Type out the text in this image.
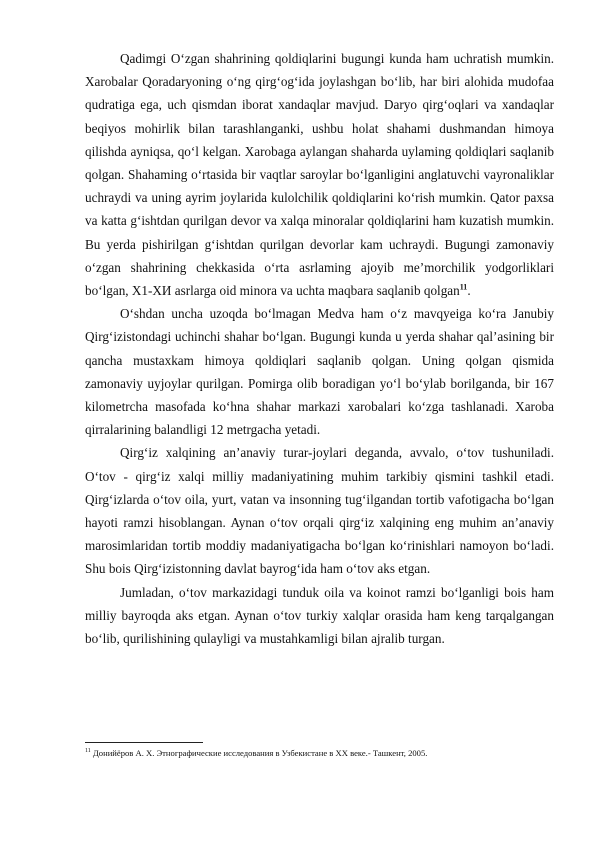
Qadimgi O‘zgan shahrining qoldiqlarini bugungi kunda ham uchratish mumkin. Xarobalar Qoradaryoning o‘ng qirg‘og‘ida joylashgan bo‘lib, har biri alohida mudofaa qudratiga ega, uch qismdan iborat xandaqlar mavjud. Daryo qirg‘oqlari va xandaqlar beqiyos mohirlik bilan tarashlanganki, ushbu holat shahami dushmandan himoya qilishda ayniqsa, qo‘l kelgan. Xarobaga aylangan shaharda uylaming qoldiqlari saqlanib qolgan. Shahaming o‘rtasida bir vaqtlar saroylar bo‘lganligini anglatuvchi vayronaliklar uchraydi va uning ayrim joylarida kulolchilik qoldiqlarini ko‘rish mumkin. Qator paxsa va katta g‘ishtdan qurilgan devor va xalqa minoralar qoldiqlarini ham kuzatish mumkin. Bu yerda pishirilgan g‘ishtdan qurilgan devorlar kam uchraydi. Bugungi zamonaviy o‘zgan shahrining chekkasida o‘rta asrlaming ajoyib me’morchilik yodgorliklari bo‘lgan, X1-XИ asrlarga oid minora va uchta maqbara saqlanib qolgan$^{11}$.

O‘shdan uncha uzoqda bo‘lmagan Medva ham o‘z mavqyeiga ko‘ra Janubiy Qirg‘izistondagi uchinchi shahar bo‘lgan. Bugungi kunda u yerda shahar qal’asining bir qancha mustaxkam himoya qoldiqlari saqlanib qolgan. Uning qolgan qismida zamonaviy uyjoylar qurilgan. Pomirga olib boradigan yo‘l bo‘ylab borilganda, bir 167 kilometrcha masofada ko‘hna shahar markazi xarobalari ko‘zga tashlanadi. Xaroba qirralarining balandligi 12 metrgacha yetadi.

Qirg‘iz xalqining an’anaviy turar-joylari deganda, avvalo, o‘tov tushuniladi. O‘tov - qirg‘iz xalqi milliy madaniyatining muhim tarkibiy qismini tashkil etadi. Qirg‘izlarda o‘tov oila, yurt, vatan va insonning tug‘ilgandan tortib vafotigacha bo‘lgan hayoti ramzi hisoblangan. Aynan o‘tov orqali qirg‘iz xalqining eng muhim an’anaviy marosimlaridan tortib moddiy madaniyatigacha bo‘lgan ko‘rinishlari namoyon bo‘ladi. Shu bois Qirg‘izistonning davlat bayrog‘ida ham o‘tov aks etgan.

Jumladan, o‘tov markazidagi tunduk oila va koinot ramzi bo‘lganligi bois ham milliy bayroqda aks etgan. Aynan o‘tov turkiy xalqlar orasida ham keng tarqalgangan bo‘lib, qurilishining qulayligi va mustahkamligi bilan ajralib turgan.

$^{11}$ Донийёров А. Х. Этнографические исследования в Узбекистане в XX веке.- Ташкент, 2005.
